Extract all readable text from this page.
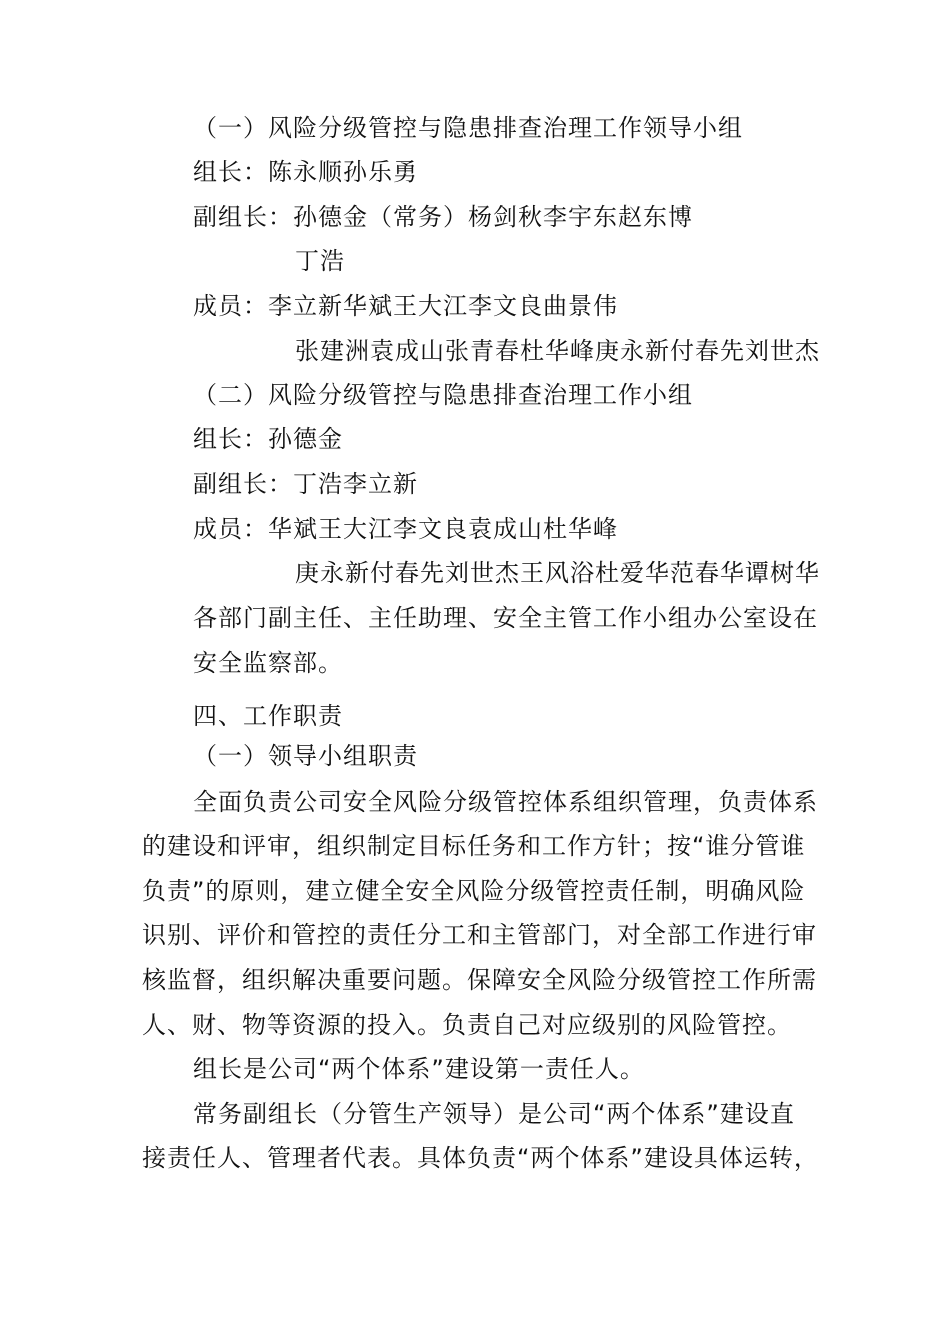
（一）风险分级管控与隐患排查治理工作领导小组
组长：陈永顺孙乐勇
副组长：孙德金（常务）杨剑秋李宇东赵东博
丁浩
成员：李立新华斌王大江李文良曲景伟
张建洲袁成山张青春杜华峰庚永新付春先刘世杰
（二）风险分级管控与隐患排查治理工作小组
组长：孙德金
副组长：丁浩李立新
成员：华斌王大江李文良袁成山杜华峰
庚永新付春先刘世杰王风浴杜爱华范春华谭树华
各部门副主任、主任助理、安全主管工作小组办公室设在
安全监察部。
四、工作职责
（一）领导小组职责
全面负责公司安全风险分级管控体系组织管理，负责体系
的建设和评审，组织制定目标任务和工作方针；按“谁分管谁
负责”的原则，建立健全安全风险分级管控责任制，明确风险
识别、评价和管控的责任分工和主管部门，对全部工作进行审
核监督，组织解决重要问题。保障安全风险分级管控工作所需
人、财、物等资源的投入。负责自己对应级别的风险管控。
组长是公司“两个体系”建设第一责任人。
常务副组长（分管生产领导）是公司“两个体系”建设直
接责任人、管理者代表。具体负责“两个体系”建设具体运转，
